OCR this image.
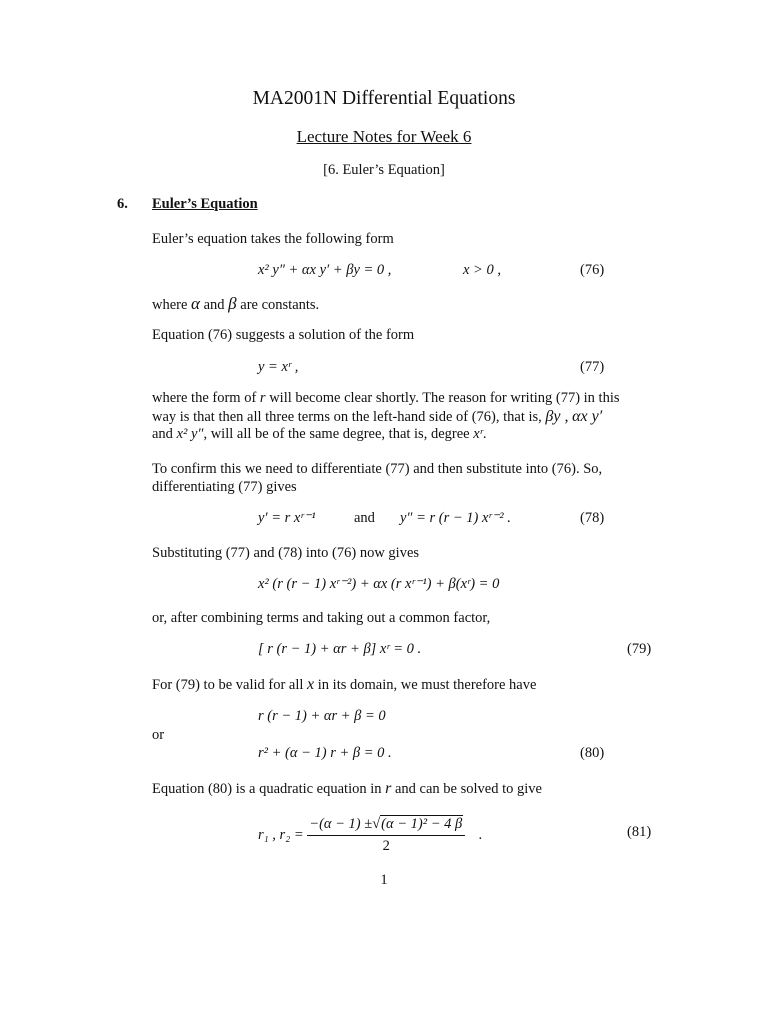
MA2001N Differential Equations
Lecture Notes for Week 6
[6. Euler’s Equation]
6. Euler’s Equation
Euler’s equation takes the following form
x² y″ + αx y′ + βy = 0 ,	x > 0 ,	(76)
where α and β are constants.
Equation (76) suggests a solution of the form
y = xʳ ,	(77)
where the form of r will become clear shortly. The reason for writing (77) in this
way is that then all three terms on the left-hand side of (76), that is, βy , αx y′
and x² y″, will all be of the same degree, that is, degree xʳ.
To confirm this we need to differentiate (77) and then substitute into (76). So,
differentiating (77) gives
y′ = r xʳ⁻¹	and y″ = r (r − 1) xʳ⁻² .	(78)
Substituting (77) and (78) into (76) now gives
x² (r (r − 1) xʳ⁻²) + αx (r xʳ⁻¹) + β(xʳ) = 0
or, after combining terms and taking out a common factor,
[ r (r − 1) + αr + β] xʳ = 0 .	(79)
For (79) to be valid for all x in its domain, we must therefore have
r (r − 1) + αr + β = 0
or
r² + (α − 1) r + β = 0 .	(80)
Equation (80) is a quadratic equation in r and can be solved to give
r₁ , $r_2 = \frac{\text{−(α − 1) ±√(α − 1)² − 4 β}}{2}$ .	(81)
1
